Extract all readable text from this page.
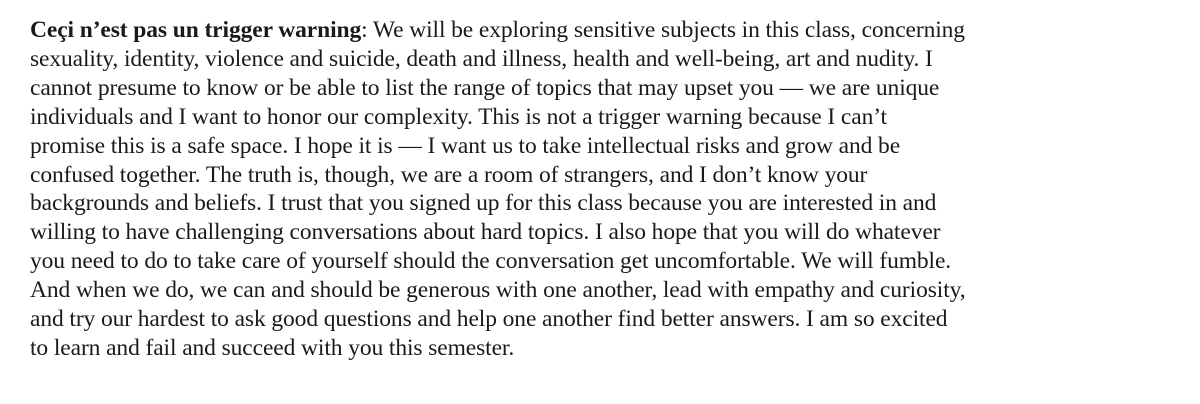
Ceçi n’est pas un trigger warning: We will be exploring sensitive subjects in this class, concerning
sexuality, identity, violence and suicide, death and illness, health and well-being, art and nudity. I
cannot presume to know or be able to list the range of topics that may upset you — we are unique
individuals and I want to honor our complexity. This is not a trigger warning because I can’t
promise this is a safe space. I hope it is — I want us to take intellectual risks and grow and be
confused together. The truth is, though, we are a room of strangers, and I don’t know your
backgrounds and beliefs. I trust that you signed up for this class because you are interested in and
willing to have challenging conversations about hard topics. I also hope that you will do whatever
you need to do to take care of yourself should the conversation get uncomfortable. We will fumble.
And when we do, we can and should be generous with one another, lead with empathy and curiosity,
and try our hardest to ask good questions and help one another find better answers. I am so excited
to learn and fail and succeed with you this semester.
